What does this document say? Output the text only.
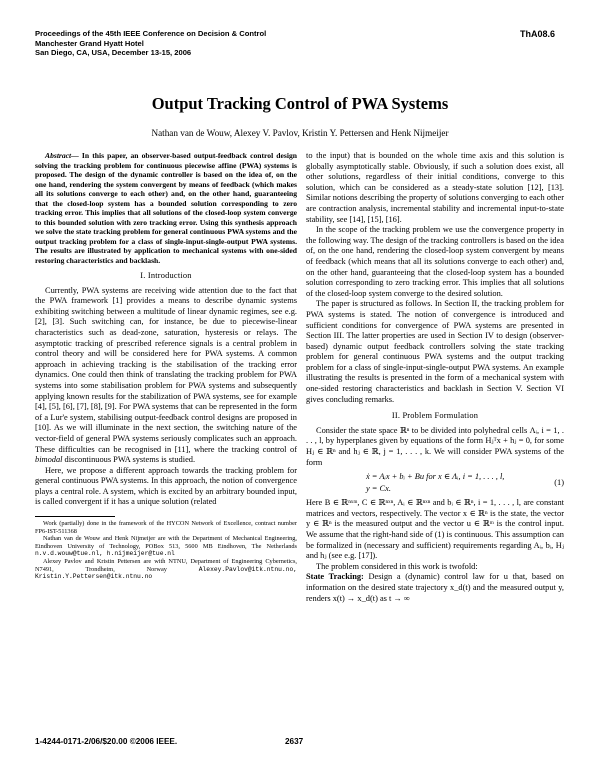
Proceedings of the 45th IEEE Conference on Decision & Control
Manchester Grand Hyatt Hotel
San Diego, CA, USA, December 13-15, 2006
ThA08.6
Output Tracking Control of PWA Systems
Nathan van de Wouw, Alexey V. Pavlov, Kristin Y. Pettersen and Henk Nijmeijer

Abstract— In this paper, an observer-based output-feedback control design solving the tracking problem for continuous piecewise affine (PWA) systems is proposed. The design of the dynamic controller is based on the idea of, on the one hand, rendering the system convergent by means of feedback (which makes all its solutions converge to each other) and, on the other hand, guaranteeing that the closed-loop system has a bounded solution corresponding to zero tracking error. This implies that all solutions of the closed-loop system converge to this bounded solution with zero tracking error. Using this synthesis approach we solve the state tracking problem for general continuous PWA systems and the output tracking problem for a class of single-input-single-output PWA systems. The results are illustrated by application to mechanical systems with one-sided restoring characteristics and backlash.

I. Introduction

Currently, PWA systems are receiving wide attention due to the fact that the PWA framework [1] provides a means to describe dynamic systems exhibiting switching between a multitude of linear dynamic regimes, see e.g. [2], [3]. Such switching can, for instance, be due to piecewise-linear characteristics such as dead-zone, saturation, hysteresis or relays. The asymptotic tracking of prescribed reference signals is a central problem in control theory and will be considered here for PWA systems. A common approach in achieving tracking is the stabilisation of the tracking error dynamics. One could then think of translating the tracking problem for PWA systems into some stabilisation problem for PWA systems and subsequently applying known results for the stabilization of PWA systems, see for example [4], [5], [6], [7], [8], [9]. For PWA systems that can be represented in the form of a Lur'e system, stabilising output-feedback control designs are proposed in [10]. As we will illuminate in the next section, the switching nature of the vector-field of general PWA systems seriously complicates such an approach. These difficulties can be recognised in [11], where the tracking control of bimodal discontinuous PWA systems is studied.

Here, we propose a different approach towards the tracking problem for general continuous PWA systems. In this approach, the notion of convergence plays a central role. A system, which is excited by an arbitrary bounded input, is called convergent if it has a unique solution (related

Work (partially) done in the framework of the HYCON Network of Excellence, contract number FP6-IST-511368

Nathan van de Wouw and Henk Nijmeijer are with the Department of Mechanical Engineering, Eindhoven University of Technology, POBox 513, 5600 MB Eindhoven, The Netherlands n.v.d.wouw@tue.nl, h.nijmeijer@tue.nl

Alexey Pavlov and Kristin Pettersen are with NTNU, Department of Engineering Cybernetics, N7491, Trondheim, Norway Alexey.Pavlov@itk.ntnu.no, Kristin.Y.Pettersen@itk.ntnu.no

to the input) that is bounded on the whole time axis and this solution is globally asymptotically stable. Obviously, if such a solution does exist, all other solutions, regardless of their initial conditions, converge to this solution, which can be considered as a steady-state solution [12], [13]. Similar notions describing the property of solutions converging to each other are contraction analysis, incremental stability and incremental input-to-state stability, see [14], [15], [16].

In the scope of the tracking problem we use the convergence property in the following way. The design of the tracking controllers is based on the idea of, on the one hand, rendering the closed-loop system convergent by means of feedback (which means that all its solutions converge to each other) and, on the other hand, guaranteeing that the closed-loop system has a bounded solution corresponding to zero tracking error. This implies that all solutions of the closed-loop system converge to the desired solution.

The paper is structured as follows. In Section II, the tracking problem for PWA systems is stated. The notion of convergence is introduced and sufficient conditions for convergence of PWA systems are presented in Section III. The latter properties are used in Section IV to design (observer-based) dynamic output feedback controllers solving the state tracking problem for general continuous PWA systems and the output tracking problem for a class of single-input-single-output PWA systems. An example illustrating the results is presented in the form of a mechanical system with one-sided restoring characteristics and backlash in Section V. Section VI gives concluding remarks.

II. Problem Formulation

Consider the state space ℝⁿ to be divided into polyhedral cells Λᵢ, i = 1, . . . , l, by hyperplanes given by equations of the form Hⱼᵀx + hⱼ = 0, for some Hⱼ ∈ ℝⁿ and hⱼ ∈ ℝ, j = 1, . . . , k. We will consider PWA systems of the form

ẋ = Aᵢx + bᵢ + Bu for x ∈ Λᵢ, i = 1, . . . , l,
y = Cx.
(1)

Here B ∈ ℝⁿˣᵐ, C ∈ ℝⁿˣⁿ, Aᵢ ∈ ℝⁿˣⁿ and bᵢ ∈ ℝⁿ, i = 1, . . . , l, are constant matrices and vectors, respectively. The vector x ∈ ℝⁿ is the state, the vector y ∈ ℝⁿ is the measured output and the vector u ∈ ℝᵐ is the control input. We assume that the right-hand side of (1) is continuous. This assumption can be formalized in (necessary and sufficient) requirements regarding Aᵢ, bᵢ, Hⱼ and hⱼ (see e.g. [17]).

The problem considered in this work is twofold:

State Tracking: Design a (dynamic) control law for u that, based on information on the desired state trajectory x_d(t) and the measured output y, renders x(t) → x_d(t) as t → ∞

1-4244-0171-2/06/$20.00 ©2006 IEEE.	2637
